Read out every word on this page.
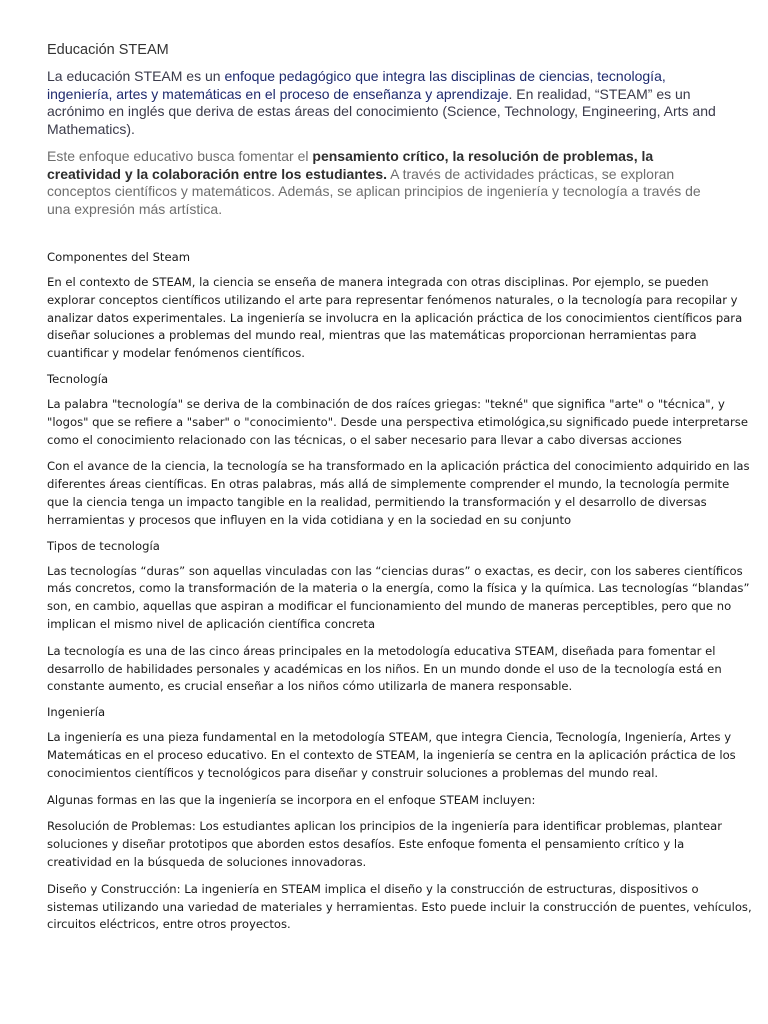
Educación STEAM

La educación STEAM es un enfoque pedagógico que integra las disciplinas de ciencias, tecnología, ingeniería, artes y matemáticas en el proceso de enseñanza y aprendizaje. En realidad, “STEAM” es un acrónimo en inglés que deriva de estas áreas del conocimiento (Science, Technology, Engineering, Arts and Mathematics).

Este enfoque educativo busca fomentar el pensamiento crítico, la resolución de problemas, la creatividad y la colaboración entre los estudiantes. A través de actividades prácticas, se exploran conceptos científicos y matemáticos. Además, se aplican principios de ingeniería y tecnología a través de una expresión más artística.

Componentes del Steam

En el contexto de STEAM, la ciencia se enseña de manera integrada con otras disciplinas. Por ejemplo, se pueden explorar conceptos científicos utilizando el arte para representar fenómenos naturales, o la tecnología para recopilar y analizar datos experimentales. La ingeniería se involucra en la aplicación práctica de los conocimientos científicos para diseñar soluciones a problemas del mundo real, mientras que las matemáticas proporcionan herramientas para cuantificar y modelar fenómenos científicos.

Tecnología

La palabra "tecnología" se deriva de la combinación de dos raíces griegas: "tekné" que significa "arte" o "técnica", y "logos" que se refiere a "saber" o "conocimiento". Desde una perspectiva etimológica,su significado puede interpretarse como el conocimiento relacionado con las técnicas, o el saber necesario para llevar a cabo diversas acciones

Con el avance de la ciencia, la tecnología se ha transformado en la aplicación práctica del conocimiento adquirido en las diferentes áreas científicas. En otras palabras, más allá de simplemente comprender el mundo, la tecnología permite que la ciencia tenga un impacto tangible en la realidad, permitiendo la transformación y el desarrollo de diversas herramientas y procesos que influyen en la vida cotidiana y en la sociedad en su conjunto

Tipos de tecnología

Las tecnologías “duras” son aquellas vinculadas con las “ciencias duras” o exactas, es decir, con los saberes científicos más concretos, como la transformación de la materia o la energía, como la física y la química. Las tecnologías “blandas” son, en cambio, aquellas que aspiran a modificar el funcionamiento del mundo de maneras perceptibles, pero que no implican el mismo nivel de aplicación científica concreta

La tecnología es una de las cinco áreas principales en la metodología educativa STEAM, diseñada para fomentar el desarrollo de habilidades personales y académicas en los niños. En un mundo donde el uso de la tecnología está en constante aumento, es crucial enseñar a los niños cómo utilizarla de manera responsable.

Ingeniería

La ingeniería es una pieza fundamental en la metodología STEAM, que integra Ciencia, Tecnología, Ingeniería, Artes y Matemáticas en el proceso educativo. En el contexto de STEAM, la ingeniería se centra en la aplicación práctica de los conocimientos científicos y tecnológicos para diseñar y construir soluciones a problemas del mundo real.

Algunas formas en las que la ingeniería se incorpora en el enfoque STEAM incluyen:

Resolución de Problemas: Los estudiantes aplican los principios de la ingeniería para identificar problemas, plantear soluciones y diseñar prototipos que aborden estos desafíos. Este enfoque fomenta el pensamiento crítico y la creatividad en la búsqueda de soluciones innovadoras.

Diseño y Construcción: La ingeniería en STEAM implica el diseño y la construcción de estructuras, dispositivos o sistemas utilizando una variedad de materiales y herramientas. Esto puede incluir la construcción de puentes, vehículos, circuitos eléctricos, entre otros proyectos.
